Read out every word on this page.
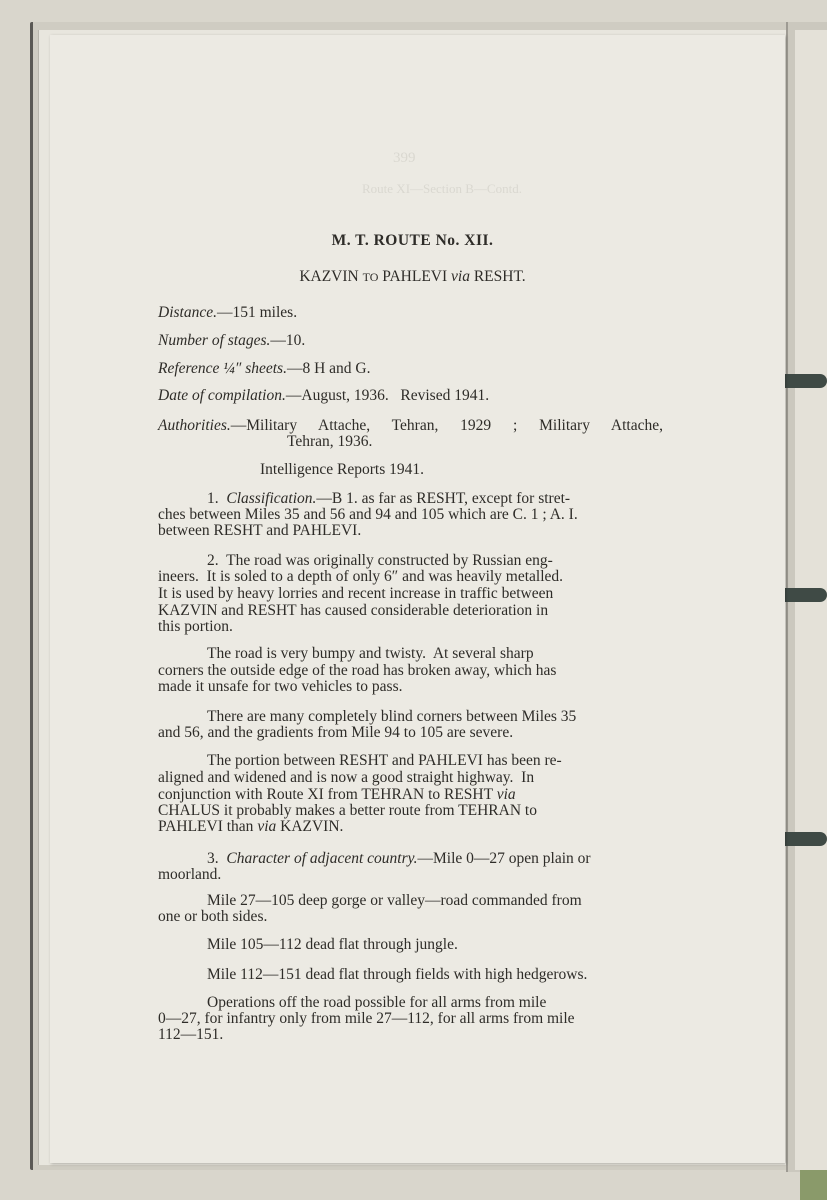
399
Route XI—Section B—Contd.
M. T. ROUTE No. XII.
KAZVIN TO PAHLEVI via RESHT.
Distance.—151 miles.
Number of stages.—10.
Reference ¼″ sheets.—8 H and G.
Date of compilation.—August, 1936.   Revised 1941.
Authorities.—Military Attache, Tehran, 1929 ; Military Attache,
Tehran, 1936.
Intelligence Reports 1941.
1. Classification.—B 1. as far as RESHT, except for stret-
ches between Miles 35 and 56 and 94 and 105 which are C. 1 ; A. I.
between RESHT and PAHLEVI.
2.  The road was originally constructed by Russian eng-
ineers.  It is soled to a depth of only 6″ and was heavily metalled.
It is used by heavy lorries and recent increase in traffic between
KAZVIN and RESHT has caused considerable deterioration in
this portion.
The road is very bumpy and twisty.  At several sharp
corners the outside edge of the road has broken away, which has
made it unsafe for two vehicles to pass.
There are many completely blind corners between Miles 35
and 56, and the gradients from Mile 94 to 105 are severe.
The portion between RESHT and PAHLEVI has been re-
aligned and widened and is now a good straight highway.  In
conjunction with Route XI from TEHRAN to RESHT via
CHALUS it probably makes a better route from TEHRAN to
PAHLEVI than via KAZVIN.
3. Character of adjacent country.—Mile 0—27 open plain or
moorland.
Mile 27—105 deep gorge or valley—road commanded from
one or both sides.
Mile 105—112 dead flat through jungle.
Mile 112—151 dead flat through fields with high hedgerows.
Operations off the road possible for all arms from mile
0—27, for infantry only from mile 27—112, for all arms from mile
112—151.
